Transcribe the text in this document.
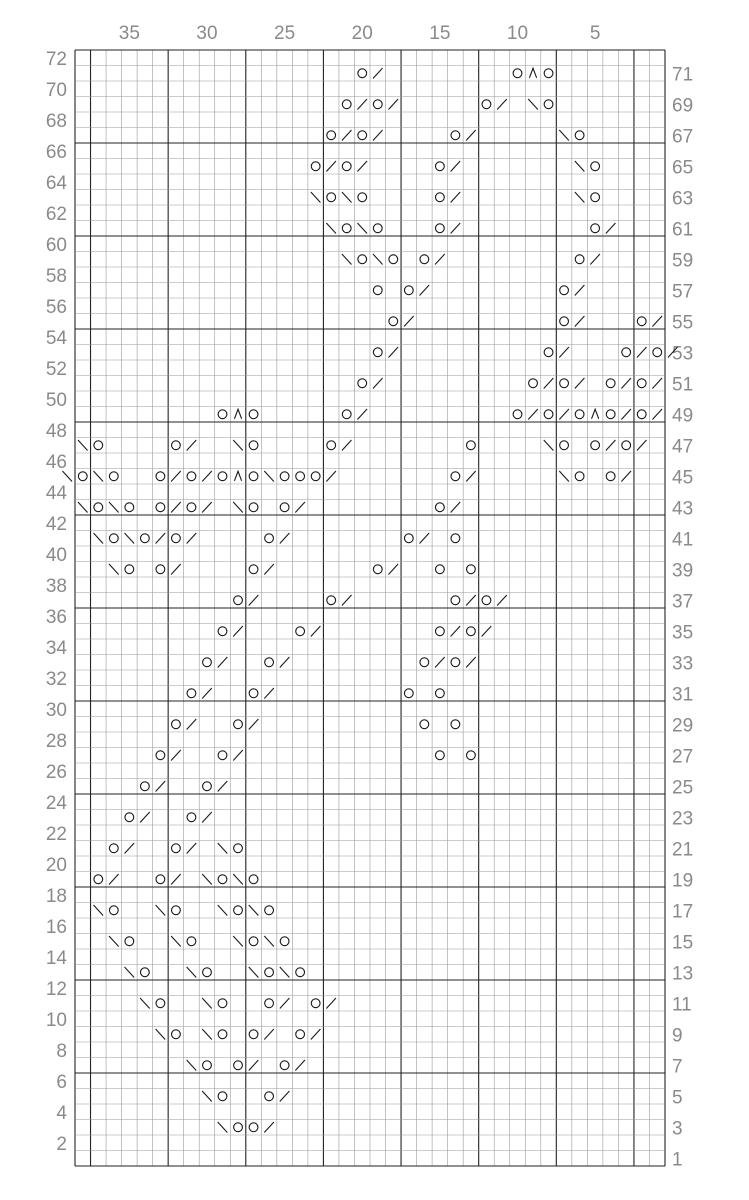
35	30	25	20	15	10	5
72
70
68
66
64
62
60
58
56
54
52
50
48
46
44
42
40
38
36
34
32
30
28
26
24
22
20
18
16
14
12
10
8
6
4
2
71
69
67
65
63
61
59
57
55
53
51
49
47
45
43
41
39
37
35
33
31
29
27
25
23
21
19
17
15
13
11
9
7
5
3
1
